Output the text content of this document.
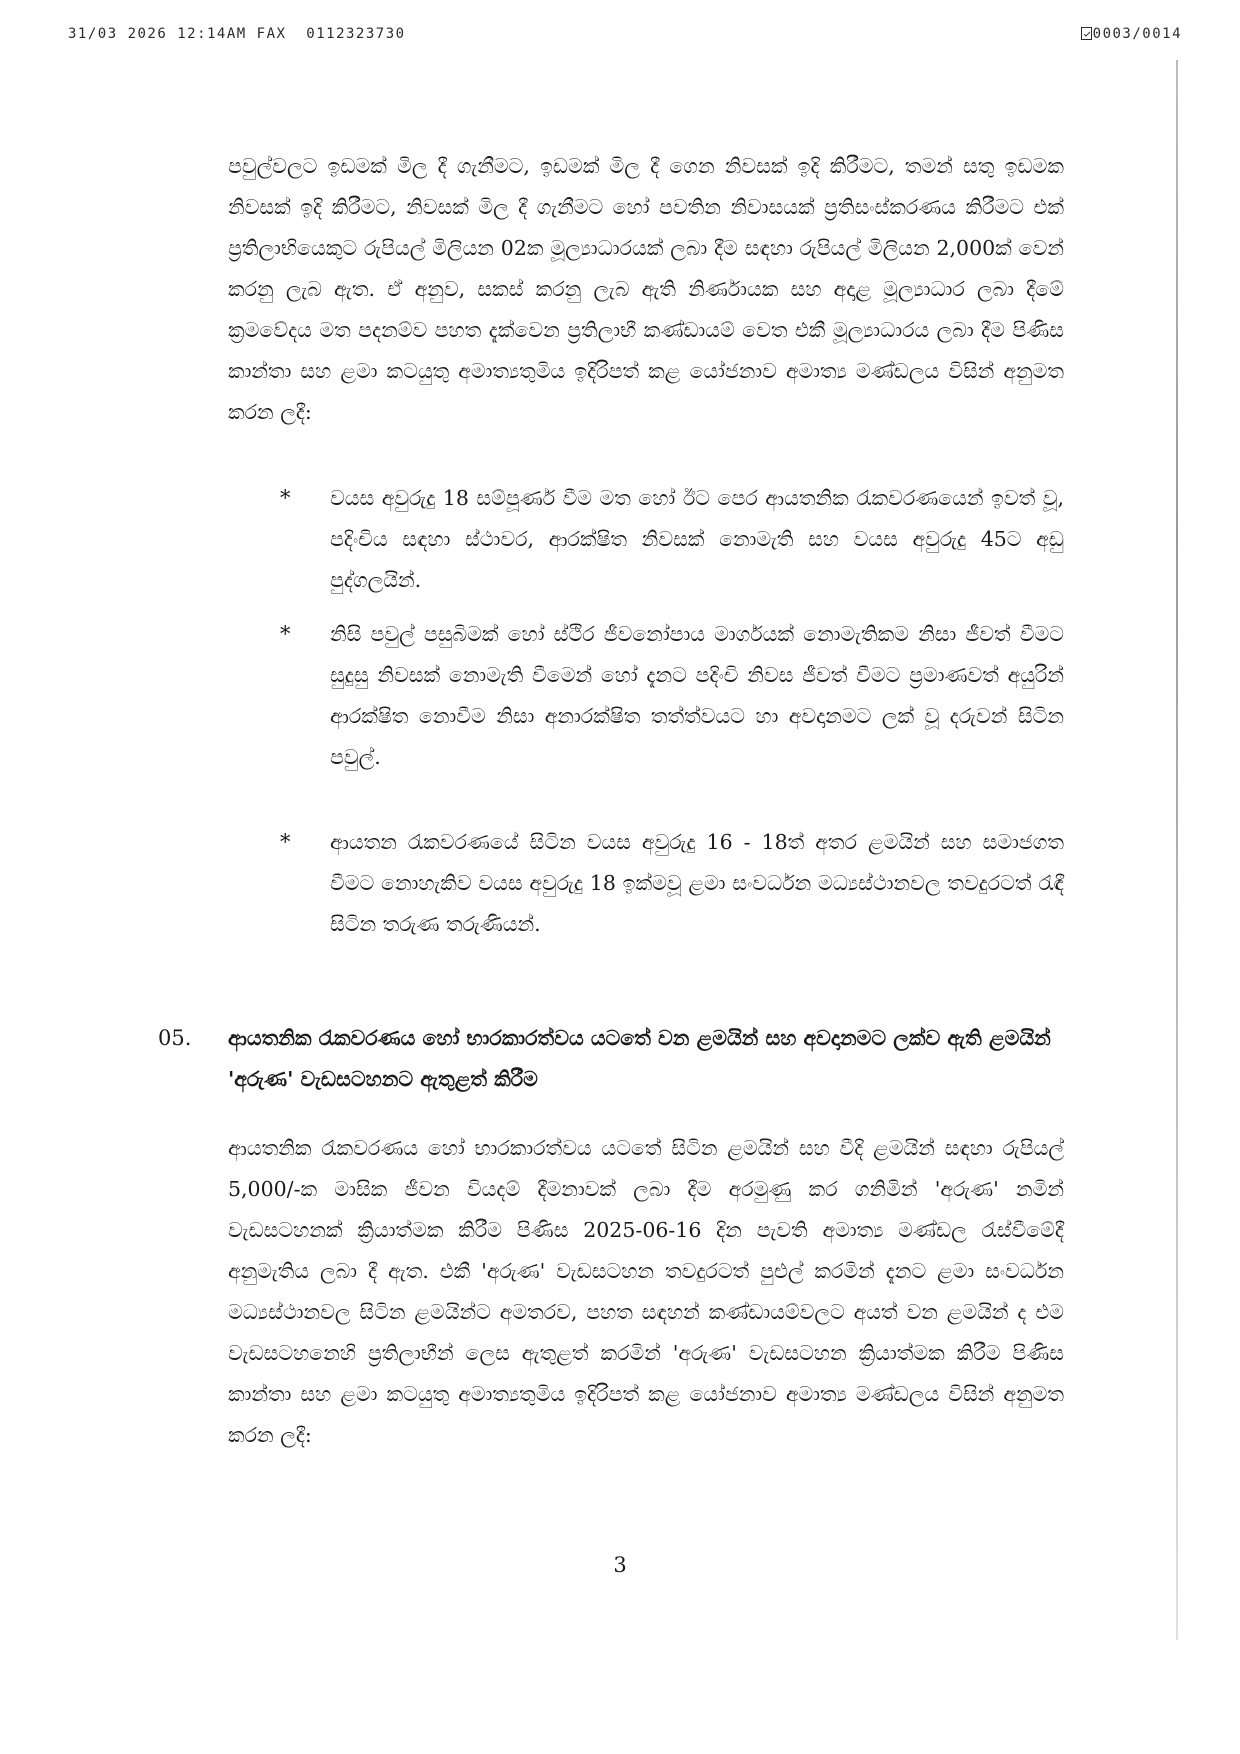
31/03 2026 12:14AM FAX  0112323730	0003/0014
පවුල්වලට ඉඩමක් මිල දී ගැනීමට, ඉඩමක් මිල දී ගෙන නිවසක් ඉදි කිරීමට, තමන් සතු ඉඩමක නිවසක් ඉදි කිරීමට, නිවසක් මිල දී ගැනීමට හෝ පවතින නිවාසයක් ප්‍රතිසංස්කරණය කිරීමට එක් ප්‍රතිලාභියෙකුට රුපියල් මිලියන 02ක මූල්‍යාධාරයක් ලබා දීම සඳහා රුපියල් මිලියන 2,000ක් වෙන් කරනු ලැබ ඇත. ඒ අනුව, සකස් කරනු ලැබ ඇති නිර්ණායක සහ අදාළ මූල්‍යාධාර ලබා දීමේ ක්‍රමවේදය මත පදනම්ව පහත දැක්වෙන ප්‍රතිලාභී කණ්ඩායම් වෙත එකී මූල්‍යාධාරය ලබා දීම පිණිස කාන්තා සහ ළමා කටයුතු අමාත්‍යතුමිය ඉදිරිපත් කළ යෝජනාව අමාත්‍ය මණ්ඩලය විසින් අනුමත කරන ලදී:
* වයස අවුරුදු 18 සම්පූර්ණ වීම මත හෝ ඊට පෙර ආයතනික රැකවරණයෙන් ඉවත් වූ, පදිංචිය සඳහා ස්ථාවර, ආරක්ෂිත නිවසක් නොමැති සහ වයස අවුරුදු 45ට අඩු පුද්ගලයින්.
* නිසි පවුල් පසුබිමක් හෝ ස්ථිර ජීවනෝපාය මාර්ගයක් නොමැතිකම නිසා ජීවත් වීමට සුදුසු නිවසක් නොමැති වීමෙන් හෝ දැනට පදිංචි නිවස ජීවත් වීමට ප්‍රමාණවත් අයුරින් ආරක්ෂිත නොවීම නිසා අනාරක්ෂිත තත්ත්වයට හා අවදානමට ලක් වූ දරුවන් සිටින පවුල්.
* ආයතන රැකවරණයේ සිටින වයස අවුරුදු 16 - 18ත් අතර ළමයින් සහ සමාජගත වීමට නොහැකිව වයස අවුරුදු 18 ඉක්මවූ ළමා සංවර්ධන මධ්‍යස්ථානවල තවදුරටත් රැඳී සිටින තරුණ තරුණියන්.
05. ආයතනික රැකවරණය හෝ භාරකාරත්වය යටතේ වන ළමයින් සහ අවදානමට ලක්ව ඇති ළමයින් 'අරුණ' වැඩසටහනට ඇතුළත් කිරීම
ආයතනික රැකවරණය හෝ භාරකාරත්වය යටතේ සිටින ළමයින් සහ වීදි ළමයින් සඳහා රුපියල් 5,000/-ක මාසික ජීවන වියදම් දීමනාවක් ලබා දීම අරමුණු කර ගනිමින් 'අරුණ' නමින් වැඩසටහනක් ක්‍රියාත්මක කිරීම පිණිස 2025-06-16 දින පැවති අමාත්‍ය මණ්ඩල රැස්වීමේදී අනුමැතිය ලබා දී ඇත. එකී 'අරුණ' වැඩසටහන තවදුරටත් පුළුල් කරමින් දැනට ළමා සංවර්ධන මධ්‍යස්ථානවල සිටින ළමයින්ට අමතරව, පහත සඳහන් කණ්ඩායම්වලට අයත් වන ළමයින් ද එම වැඩසටහනෙහි ප්‍රතිලාභීන් ලෙස ඇතුළත් කරමින් 'අරුණ' වැඩසටහන ක්‍රියාත්මක කිරීම පිණිස කාන්තා සහ ළමා කටයුතු අමාත්‍යතුමිය ඉදිරිපත් කළ යෝජනාව අමාත්‍ය මණ්ඩලය විසින් අනුමත කරන ලදී:
3
